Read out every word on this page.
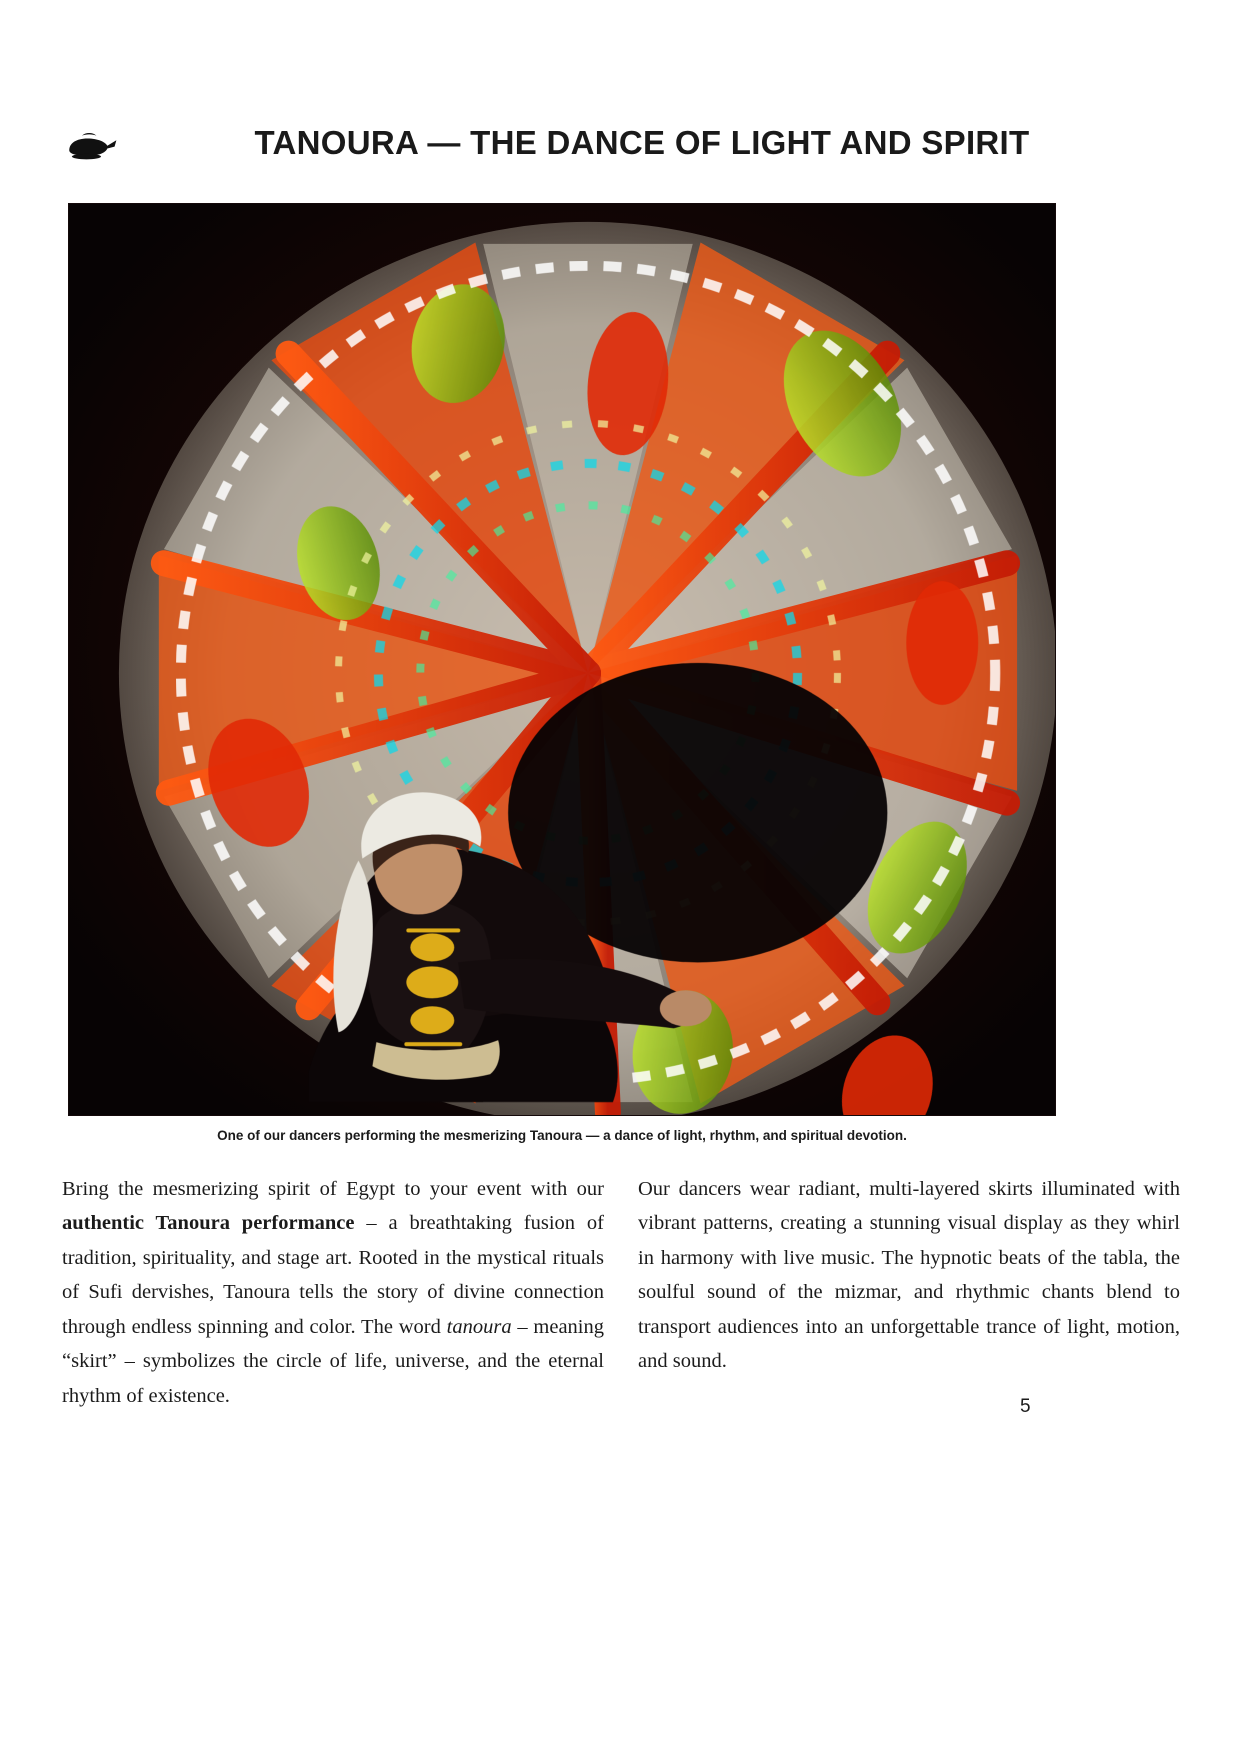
TANOURA — THE DANCE OF LIGHT AND SPIRIT
One of our dancers performing the mesmerizing Tanoura — a dance of light, rhythm, and spiritual devotion.

Bring the mesmerizing spirit of Egypt to your event with our authentic Tanoura performance – a breathtaking fusion of tradition, spirituality, and stage art. Rooted in the mystical rituals of Sufi dervishes, Tanoura tells the story of divine connection through endless spinning and color. The word tanoura – meaning “skirt” – symbolizes the circle of life, universe, and the eternal rhythm of existence.

Our dancers wear radiant, multi-layered skirts illuminated with vibrant patterns, creating a stunning visual display as they whirl in harmony with live music. The hypnotic beats of the tabla, the soulful sound of the mizmar, and rhythmic chants blend to transport audiences into an unforgettable trance of light, motion, and sound.

5
